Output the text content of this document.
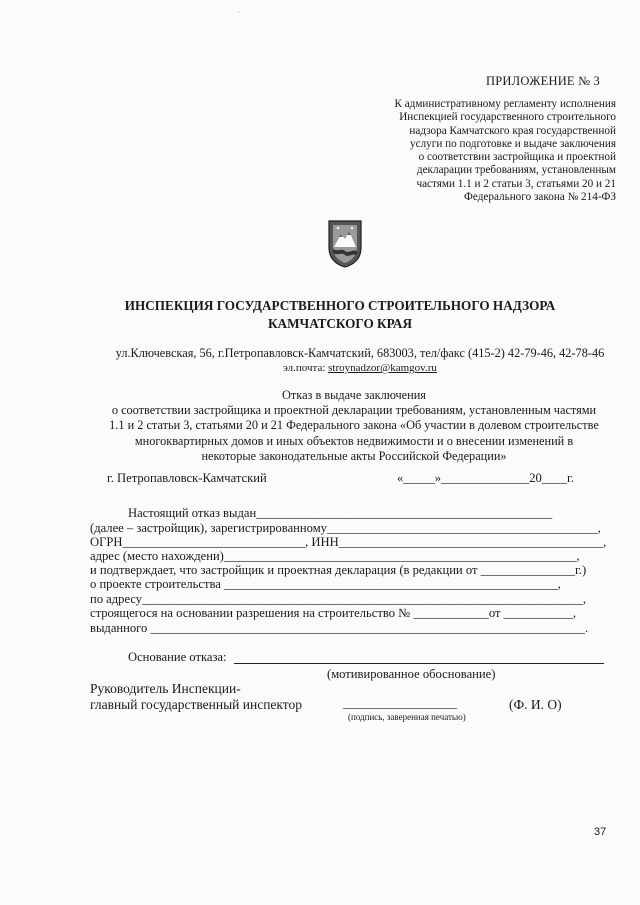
·
ПРИЛОЖЕНИЕ № 3
К административному регламенту исполнения
Инспекцией государственного строительного
надзора Камчатского края государственной
услуги по подготовке и выдаче заключения
о соответствии застройщика и проектной
декларации требованиям, установленным
частями 1.1 и 2 статьи 3, статьями 20 и 21
Федерального закона № 214-ФЗ
ИНСПЕКЦИЯ ГОСУДАРСТВЕННОГО СТРОИТЕЛЬНОГО НАДЗОРА
КАМЧАТСКОГО КРАЯ
ул.Ключевская, 56, г.Петропавловск-Камчатский, 683003, тел/факс (415-2) 42-79-46, 42-78-46
эл.почта: stroynadzor@kamgov.ru
Отказ в выдаче заключения
о соответствии застройщика и проектной декларации требованиям, установленным частями
1.1 и 2 статьи 3, статьями 20 и 21 Федерального закона «Об участии в долевом строительстве
многоквартирных домов и иных объектов недвижимости и о внесении изменений в
некоторые законодательные акты Российской Федерации»
г. Петропавловск-Камчатский	«_____»______________20____г.
Настоящий отказ выдан_______________________________________________
(далее – застройщик), зарегистрированному___________________________________________,
ОГРН_____________________________, ИНН__________________________________________,
адрес (место нахождени)________________________________________________________,
и подтверждает, что застройщик и проектная декларация (в редакции от _______________г.)
о проекте строительства _____________________________________________________,
по адресу______________________________________________________________________,
строящегося на основании разрешения на строительство № ____________от ___________,
выданного _____________________________________________________________________.
Основание отказа:
(мотивированное обоснование)
Руководитель Инспекции-
главный государственный инспектор	___________________
(подпись, заверенная печатью)
(Ф. И. О)
37
